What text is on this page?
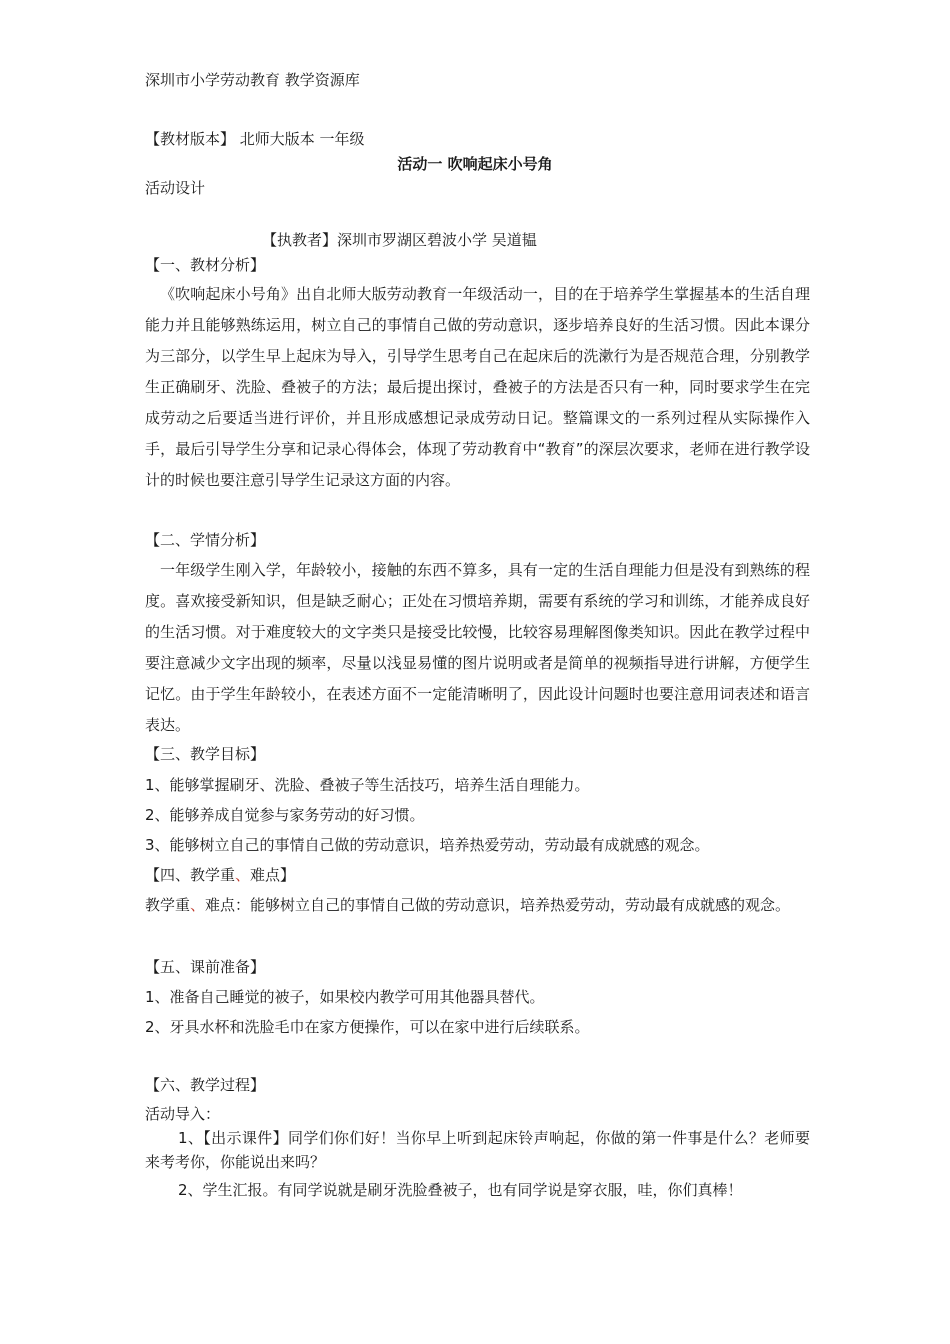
深圳市小学劳动教育 教学资源库
【教材版本】 北师大版本 一年级
活动一 吹响起床小号角
活动设计
【执教者】深圳市罗湖区碧波小学 吴道韫
【一、教材分析】
《吹响起床小号角》出自北师大版劳动教育一年级活动一，目的在于培养学生掌握基本的生活自理能力并且能够熟练运用，树立自己的事情自己做的劳动意识，逐步培养良好的生活习惯。因此本课分为三部分，以学生早上起床为导入，引导学生思考自己在起床后的洗漱行为是否规范合理，分别教学生正确刷牙、洗脸、叠被子的方法；最后提出探讨，叠被子的方法是否只有一种，同时要求学生在完成劳动之后要适当进行评价，并且形成感想记录成劳动日记。整篇课文的一系列过程从实际操作入手，最后引导学生分享和记录心得体会，体现了劳动教育中“教育”的深层次要求，老师在进行教学设计的时候也要注意引导学生记录这方面的内容。
【二、学情分析】
一年级学生刚入学，年龄较小，接触的东西不算多，具有一定的生活自理能力但是没有到熟练的程度。喜欢接受新知识，但是缺乏耐心；正处在习惯培养期，需要有系统的学习和训练，才能养成良好的生活习惯。对于难度较大的文字类只是接受比较慢，比较容易理解图像类知识。因此在教学过程中要注意减少文字出现的频率，尽量以浅显易懂的图片说明或者是简单的视频指导进行讲解，方便学生记忆。由于学生年龄较小，在表述方面不一定能清晰明了，因此设计问题时也要注意用词表述和语言表达。
【三、教学目标】
1、能够掌握刷牙、洗脸、叠被子等生活技巧，培养生活自理能力。
2、能够养成自觉参与家务劳动的好习惯。
3、能够树立自己的事情自己做的劳动意识，培养热爱劳动，劳动最有成就感的观念。
【四、教学重、难点】
教学重、难点：能够树立自己的事情自己做的劳动意识，培养热爱劳动，劳动最有成就感的观念。
【五、课前准备】
1、准备自己睡觉的被子，如果校内教学可用其他器具替代。
2、牙具水杯和洗脸毛巾在家方便操作，可以在家中进行后续联系。
【六、教学过程】
活动导入：
1、【出示课件】同学们你们好！当你早上听到起床铃声响起，你做的第一件事是什么？老师要来考考你，你能说出来吗？
2、学生汇报。有同学说就是刷牙洗脸叠被子，也有同学说是穿衣服，哇，你们真棒！
